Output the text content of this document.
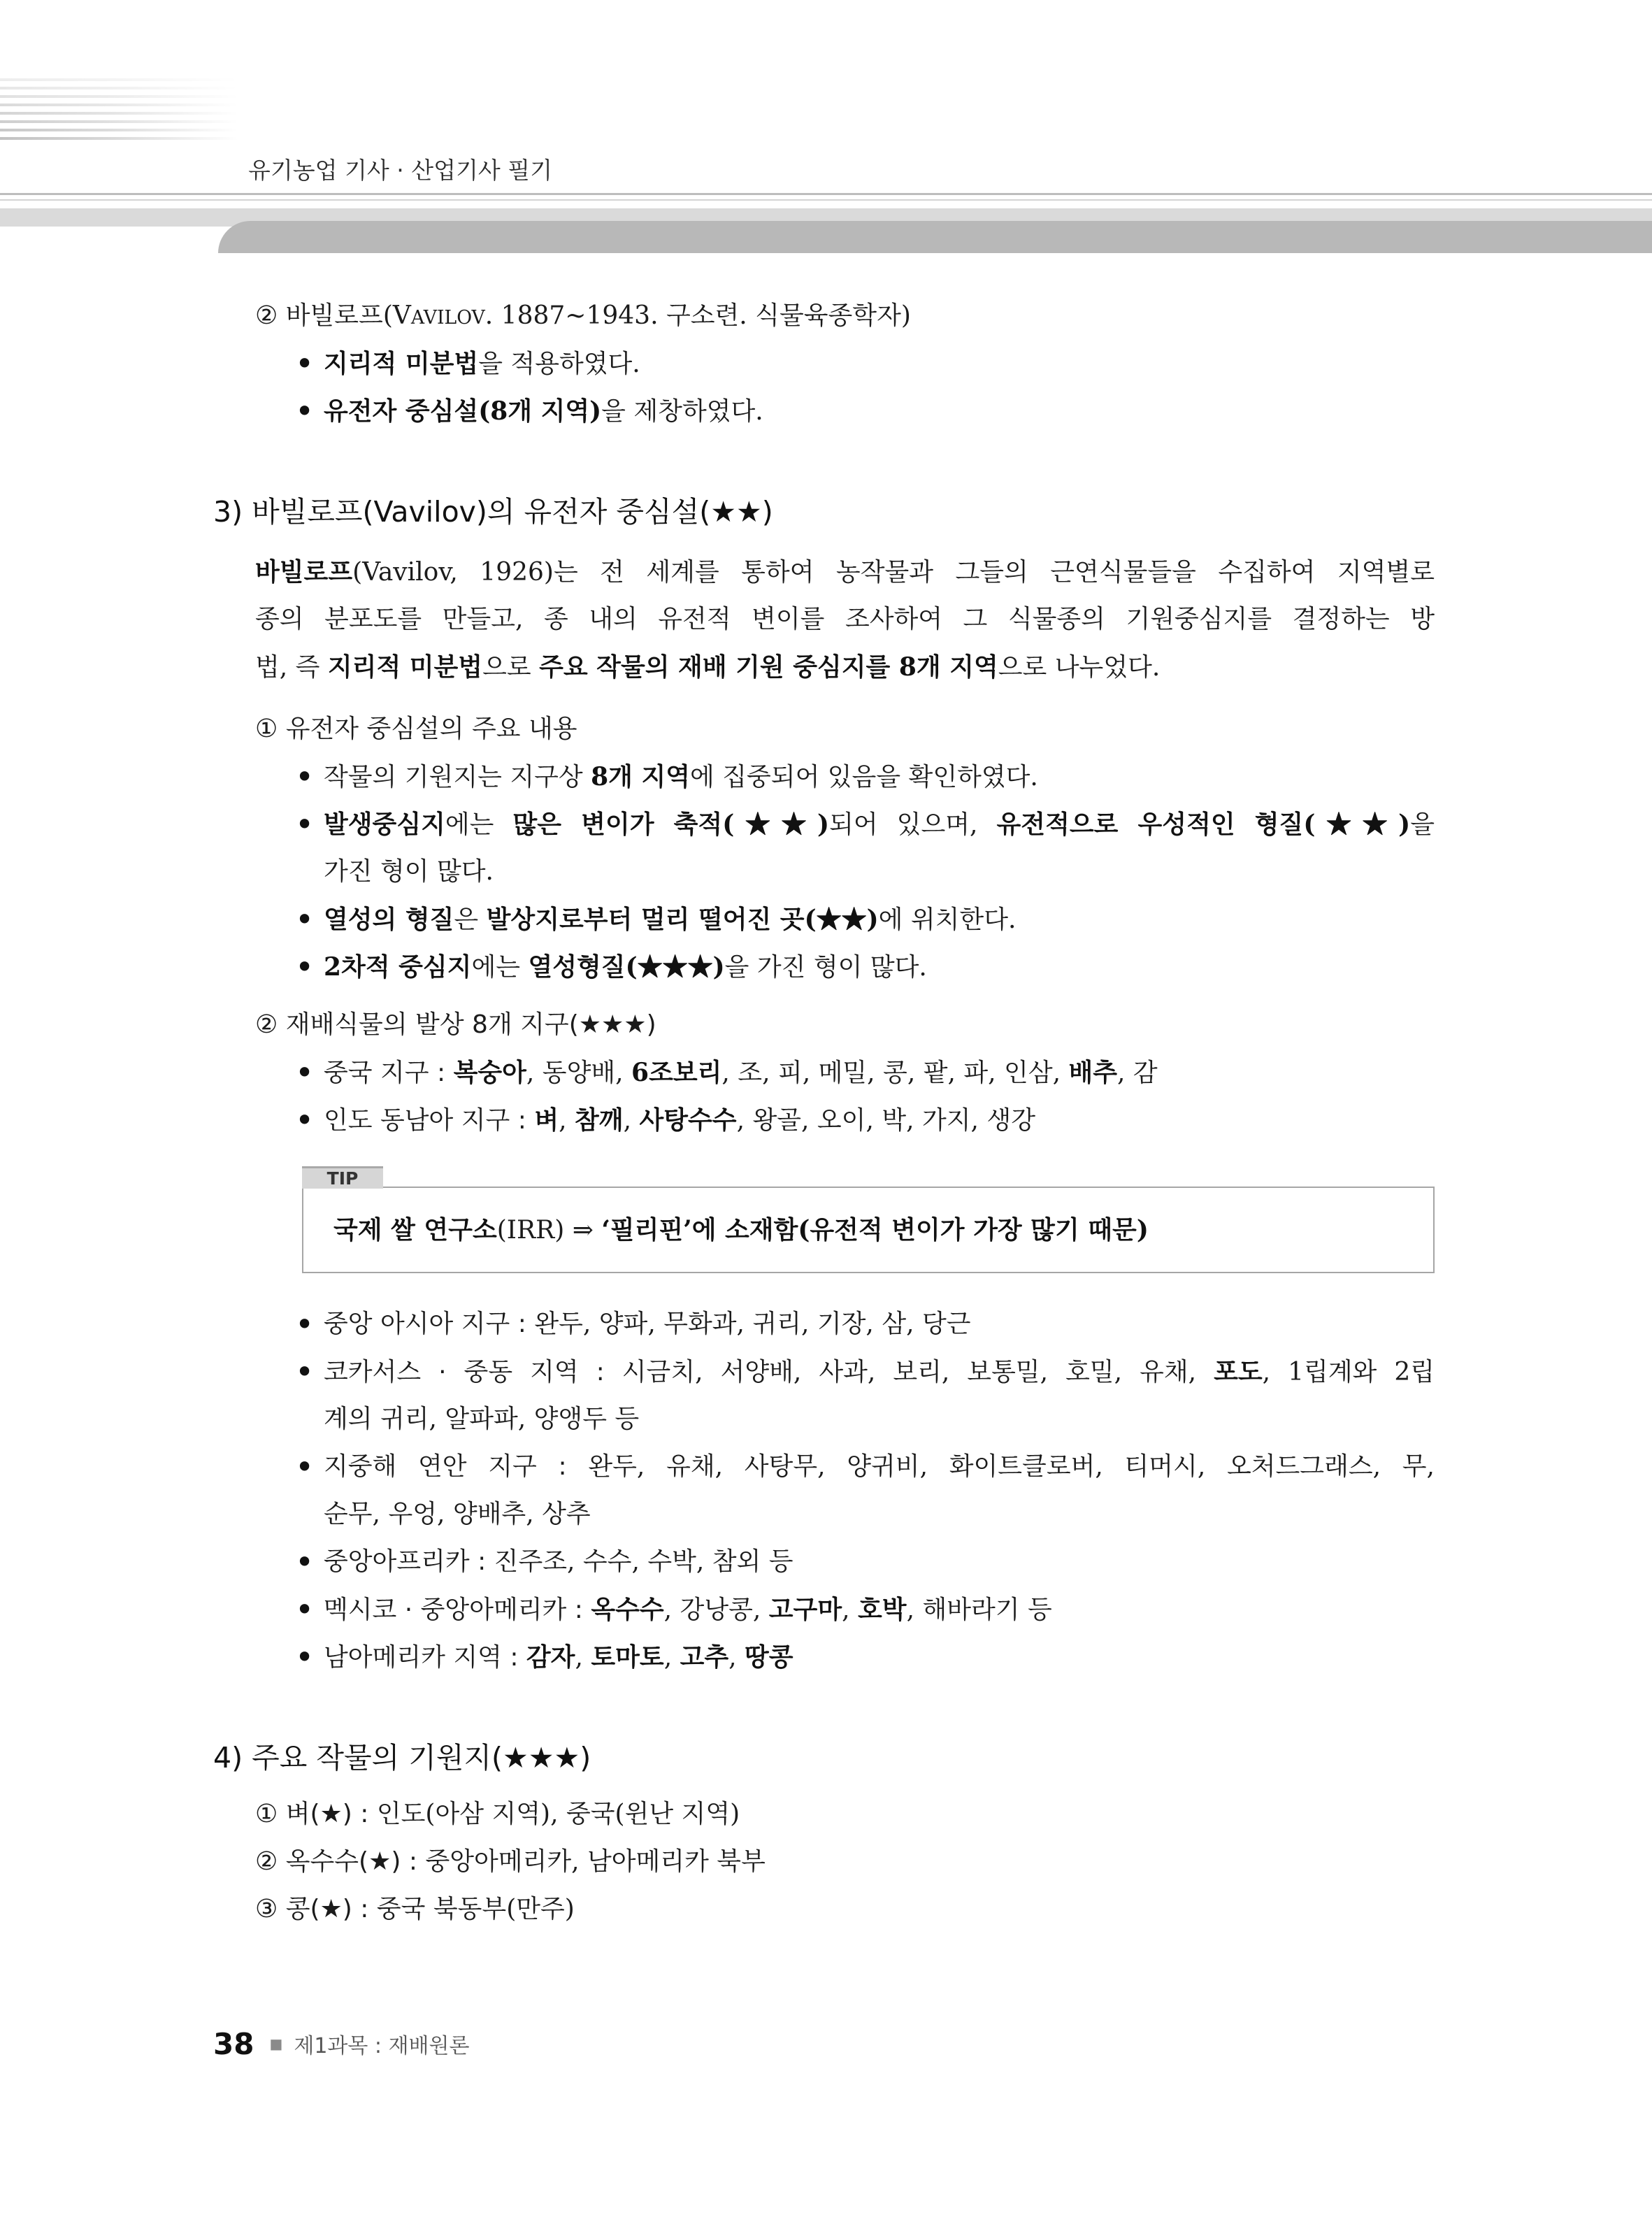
유기농업 기사 · 산업기사 필기
② 바빌로프(VAVILOV. 1887~1943. 구소련. 식물육종학자)
• 지리적 미분법을 적용하였다.
• 유전자 중심설(8개 지역)을 제창하였다.
3) 바빌로프(Vavilov)의 유전자 중심설(★★)
바빌로프(Vavilov, 1926)는 전 세계를 통하여 농작물과 그들의 근연식물들을 수집하여 지역별로
종의 분포도를 만들고, 종 내의 유전적 변이를 조사하여 그 식물종의 기원중심지를 결정하는 방
법, 즉 지리적 미분법으로 주요 작물의 재배 기원 중심지를 8개 지역으로 나누었다.
① 유전자 중심설의 주요 내용
• 작물의 기원지는 지구상 8개 지역에 집중되어 있음을 확인하였다.
• 발생중심지에는 많은 변이가 축적(★★)되어 있으며, 유전적으로 우성적인 형질(★★)을
가진 형이 많다.
• 열성의 형질은 발상지로부터 멀리 떨어진 곳(★★)에 위치한다.
• 2차적 중심지에는 열성형질(★★★)을 가진 형이 많다.
② 재배식물의 발상 8개 지구(★★★)
• 중국 지구 : 복숭아, 동양배, 6조보리, 조, 피, 메밀, 콩, 팥, 파, 인삼, 배추, 감
• 인도 동남아 지구 : 벼, 참깨, 사탕수수, 왕골, 오이, 박, 가지, 생강
TIP
국제 쌀 연구소(IRR) ⇒ ‘필리핀’에 소재함(유전적 변이가 가장 많기 때문)
• 중앙 아시아 지구 : 완두, 양파, 무화과, 귀리, 기장, 삼, 당근
• 코카서스 · 중동 지역 : 시금치, 서양배, 사과, 보리, 보통밀, 호밀, 유채, 포도, 1립계와 2립
계의 귀리, 알파파, 양앵두 등
• 지중해 연안 지구 : 완두, 유채, 사탕무, 양귀비, 화이트클로버, 티머시, 오처드그래스, 무,
순무, 우엉, 양배추, 상추
• 중앙아프리카 : 진주조, 수수, 수박, 참외 등
• 멕시코 · 중앙아메리카 : 옥수수, 강낭콩, 고구마, 호박, 해바라기 등
• 남아메리카 지역 : 감자, 토마토, 고추, 땅콩
4) 주요 작물의 기원지(★★★)
① 벼(★) : 인도(아삼 지역), 중국(윈난 지역)
② 옥수수(★) : 중앙아메리카, 남아메리카 북부
③ 콩(★) : 중국 북동부(만주)
38 ■ 제1과목 : 재배원론
